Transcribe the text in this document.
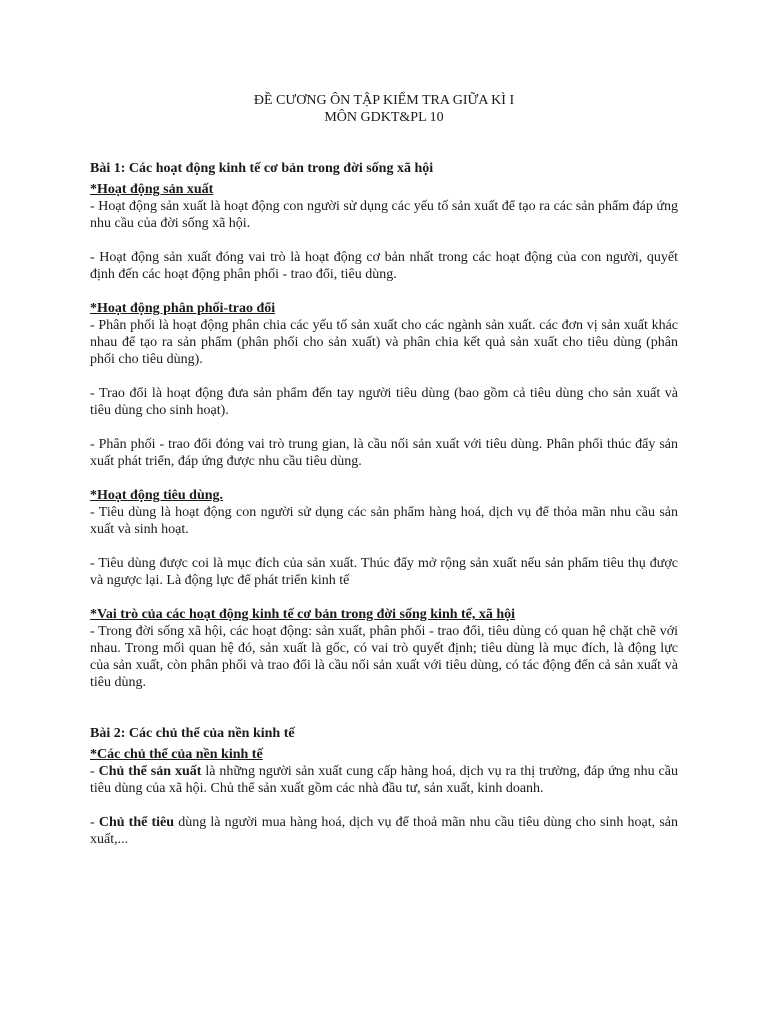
ĐỀ CƯƠNG ÔN TẬP KIỂM TRA GIỮA KÌ I

MÔN GDKT&PL 10

Bài 1: Các hoạt động kinh tế cơ bản trong đời sống xã hội

*Hoạt động sản xuất

- Hoạt động sản xuất là hoạt động con người sử dụng các yếu tố sản xuất để tạo ra các sản phẩm đáp ứng nhu cầu của đời sống xã hội.

- Hoạt động sản xuất đóng vai trò là hoạt động cơ bản nhất trong các hoạt động của con người, quyết định đến các hoạt động phân phối - trao đổi, tiêu dùng.

*Hoạt động phân phối-trao đổi

- Phân phối là hoạt động phân chia các yếu tố sản xuất cho các ngành sản xuất. các đơn vị sản xuất khác nhau để tạo ra sản phẩm (phân phối cho sản xuất) và phân chia kết quả sản xuất cho tiêu dùng (phân phối cho tiêu dùng).

- Trao đổi là hoạt động đưa sản phẩm đến tay người tiêu dùng (bao gồm cả tiêu dùng cho sản xuất và tiêu dùng cho sinh hoạt).

- Phân phối - trao đổi đóng vai trò trung gian, là cầu nối sản xuất với tiêu dùng. Phân phối thúc đẩy sản xuất phát triển, đáp ứng được nhu cầu tiêu dùng.

*Hoạt động tiêu dùng.

- Tiêu dùng là hoạt động con người sử dụng các sản phẩm hàng hoá, dịch vụ để thỏa mãn nhu cầu sản xuất và sinh hoạt.

- Tiêu dùng được coi là mục đích của sản xuất. Thúc đẩy mở rộng sản xuất nếu sản phẩm tiêu thụ được và ngược lại. Là động lực để phát triển kinh tế

*Vai trò của các hoạt động kinh tế cơ bản trong đời sống kinh tế, xã hội

- Trong đời sống xã hội, các hoạt động: sản xuất, phân phối - trao đổi, tiêu dùng có quan hệ chặt chẽ với nhau. Trong mối quan hệ đó, sản xuất là gốc, có vai trò quyết định; tiêu dùng là mục đích, là động lực của sản xuất, còn phân phối và trao đổi là cầu nối sản xuất với tiêu dùng, có tác động đến cả sản xuất và tiêu dùng.

Bài 2: Các chủ thể của nền kinh tế

*Các chủ thể của nền kinh tế

- Chủ thể sản xuất là những người sản xuất cung cấp hàng hoá, dịch vụ ra thị trường, đáp ứng nhu cầu tiêu dùng của xã hội. Chủ thể sản xuất gồm các nhà đầu tư, sản xuất, kinh doanh.

- Chủ thể tiêu dùng là người mua hàng hoá, dịch vụ để thoả mãn nhu cầu tiêu dùng cho sinh hoạt, sản xuất,...
